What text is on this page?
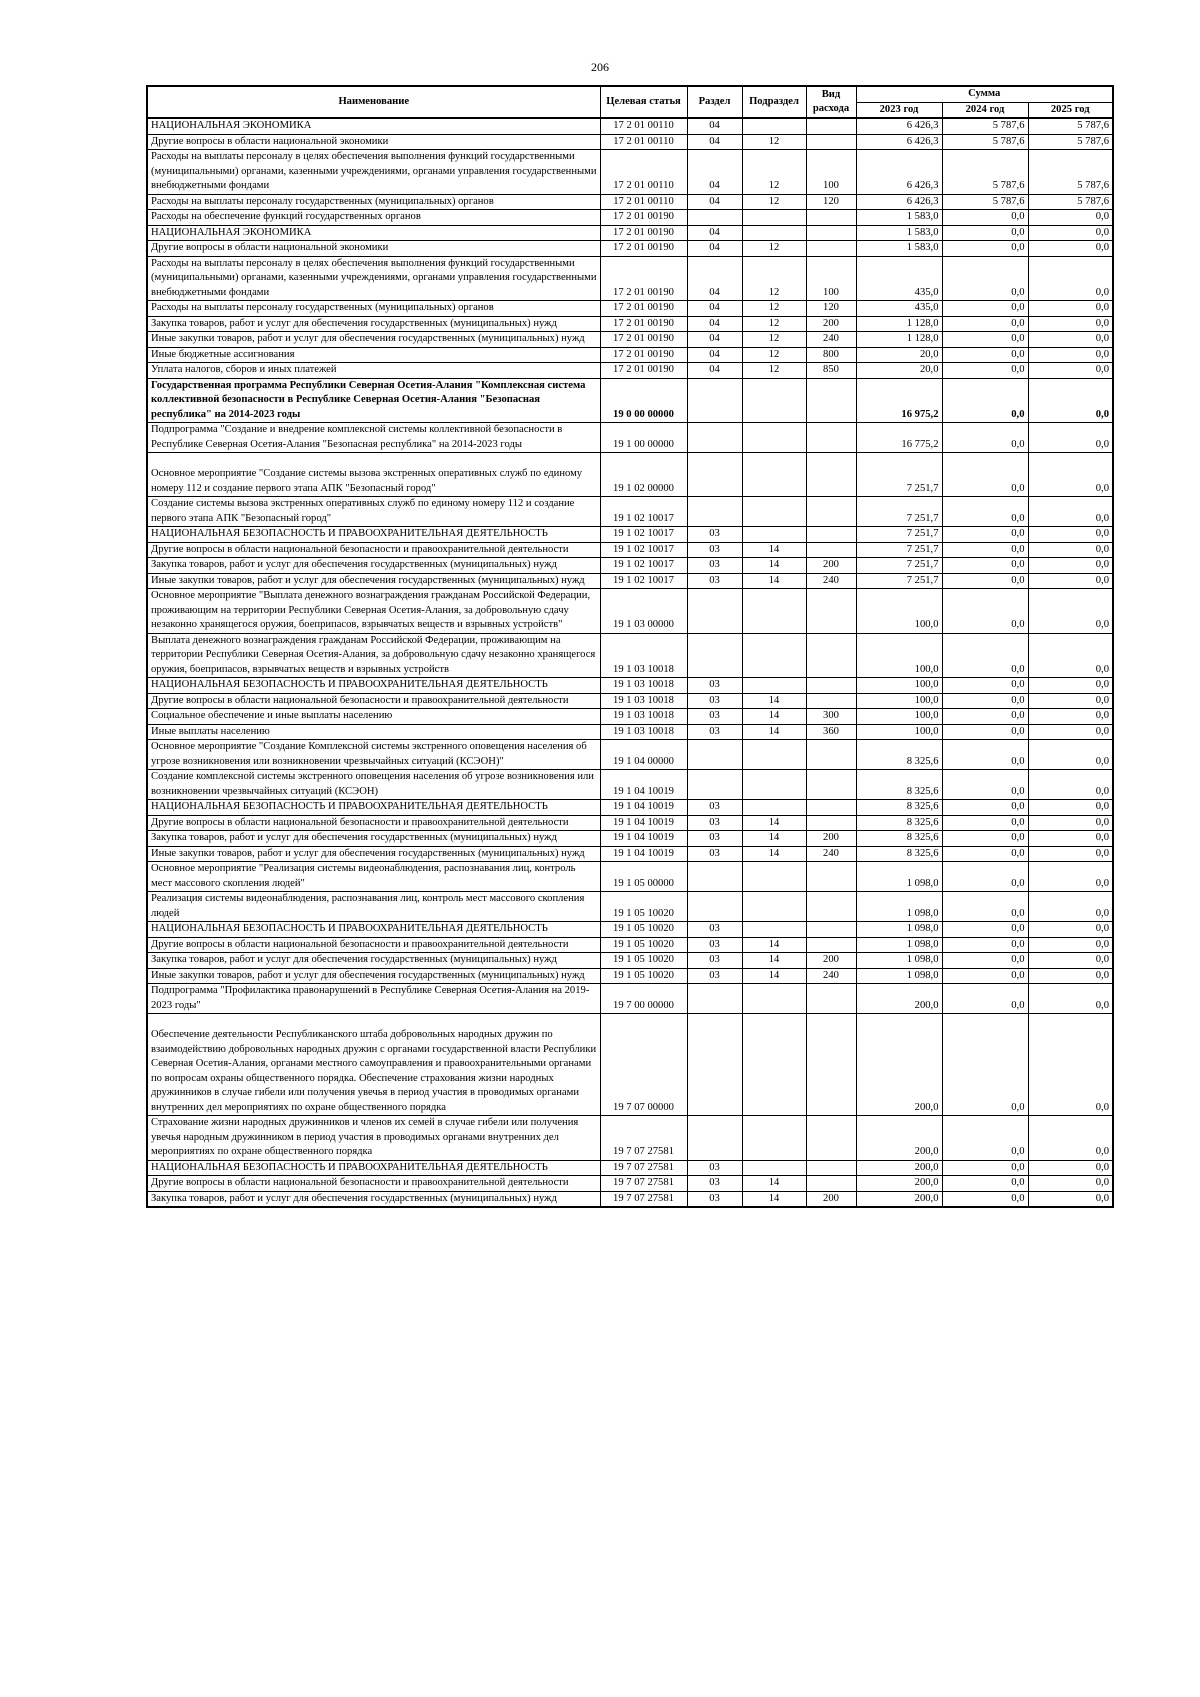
206
Наименование	Целевая статья	Раздел	Подраздел	Вид расхода	Сумма		
					2023 год	2024 год	2025 год
НАЦИОНАЛЬНАЯ ЭКОНОМИКА	17 2 01 00110	04			6 426,3	5 787,6	5 787,6
Другие вопросы в области национальной экономики	17 2 01 00110	04	12		6 426,3	5 787,6	5 787,6
Расходы на выплаты персоналу в целях обеспечения выполнения функций государственными (муниципальными) органами, казенными учреждениями, органами управления государственными внебюджетными фондами	17 2 01 00110	04	12	100	6 426,3	5 787,6	5 787,6
Расходы на выплаты персоналу государственных (муниципальных) органов	17 2 01 00110	04	12	120	6 426,3	5 787,6	5 787,6
Расходы на обеспечение функций государственных органов	17 2 01 00190				1 583,0	0,0	0,0
НАЦИОНАЛЬНАЯ ЭКОНОМИКА	17 2 01 00190	04			1 583,0	0,0	0,0
Другие вопросы в области национальной экономики	17 2 01 00190	04	12		1 583,0	0,0	0,0
Расходы на выплаты персоналу в целях обеспечения выполнения функций государственными (муниципальными) органами, казенными учреждениями, органами управления государственными внебюджетными фондами	17 2 01 00190	04	12	100	435,0	0,0	0,0
Расходы на выплаты персоналу государственных (муниципальных) органов	17 2 01 00190	04	12	120	435,0	0,0	0,0
Закупка товаров, работ и услуг для обеспечения государственных (муниципальных) нужд	17 2 01 00190	04	12	200	1 128,0	0,0	0,0
Иные закупки товаров, работ и услуг для обеспечения государственных (муниципальных) нужд	17 2 01 00190	04	12	240	1 128,0	0,0	0,0
Иные бюджетные ассигнования	17 2 01 00190	04	12	800	20,0	0,0	0,0
Уплата налогов, сборов и иных платежей	17 2 01 00190	04	12	850	20,0	0,0	0,0
Государственная программа Республики Северная Осетия-Алания "Комплексная система коллективной безопасности в Республике Северная Осетия-Алания "Безопасная республика" на 2014-2023 годы	19 0 00 00000				16 975,2	0,0	0,0
Подпрограмма "Создание и внедрение комплексной системы коллективной безопасности в Республике Северная Осетия-Алания "Безопасная республика" на 2014-2023 годы	19 1 00 00000				16 775,2	0,0	0,0
Основное мероприятие "Создание системы вызова экстренных оперативных служб по единому номеру 112 и создание первого этапа АПК "Безопасный город"	19 1 02 00000				7 251,7	0,0	0,0
Создание системы вызова экстренных оперативных служб по единому номеру 112 и создание первого этапа АПК "Безопасный город"	19 1 02 10017				7 251,7	0,0	0,0
НАЦИОНАЛЬНАЯ БЕЗОПАСНОСТЬ И ПРАВООХРАНИТЕЛЬНАЯ ДЕЯТЕЛЬНОСТЬ	19 1 02 10017	03			7 251,7	0,0	0,0
Другие вопросы в области национальной безопасности и правоохранительной деятельности	19 1 02 10017	03	14		7 251,7	0,0	0,0
Закупка товаров, работ и услуг для обеспечения государственных (муниципальных) нужд	19 1 02 10017	03	14	200	7 251,7	0,0	0,0
Иные закупки товаров, работ и услуг для обеспечения государственных (муниципальных) нужд	19 1 02 10017	03	14	240	7 251,7	0,0	0,0
Основное мероприятие "Выплата денежного вознаграждения гражданам Российской Федерации, проживающим на территории Республики Северная Осетия-Алания, за добровольную сдачу незаконно хранящегося оружия, боеприпасов, взрывчатых веществ и взрывных устройств"	19 1 03 00000				100,0	0,0	0,0
Выплата денежного вознаграждения гражданам Российской Федерации, проживающим на территории Республики Северная Осетия-Алания, за добровольную сдачу незаконно хранящегося оружия, боеприпасов, взрывчатых веществ и взрывных устройств	19 1 03 10018				100,0	0,0	0,0
НАЦИОНАЛЬНАЯ БЕЗОПАСНОСТЬ И ПРАВООХРАНИТЕЛЬНАЯ ДЕЯТЕЛЬНОСТЬ	19 1 03 10018	03			100,0	0,0	0,0
Другие вопросы в области национальной безопасности и правоохранительной деятельности	19 1 03 10018	03	14		100,0	0,0	0,0
Социальное обеспечение и иные выплаты населению	19 1 03 10018	03	14	300	100,0	0,0	0,0
Иные выплаты населению	19 1 03 10018	03	14	360	100,0	0,0	0,0
Основное мероприятие "Создание Комплексной системы экстренного оповещения населения об угрозе возникновения или возникновении чрезвычайных ситуаций (КСЭОН)"	19 1 04 00000				8 325,6	0,0	0,0
Создание комплексной системы экстренного оповещения населения об угрозе возникновения или возникновении чрезвычайных ситуаций (КСЭОН)	19 1 04 10019				8 325,6	0,0	0,0
НАЦИОНАЛЬНАЯ БЕЗОПАСНОСТЬ И ПРАВООХРАНИТЕЛЬНАЯ ДЕЯТЕЛЬНОСТЬ	19 1 04 10019	03			8 325,6	0,0	0,0
Другие вопросы в области национальной безопасности и правоохранительной деятельности	19 1 04 10019	03	14		8 325,6	0,0	0,0
Закупка товаров, работ и услуг для обеспечения государственных (муниципальных) нужд	19 1 04 10019	03	14	200	8 325,6	0,0	0,0
Иные закупки товаров, работ и услуг для обеспечения государственных (муниципальных) нужд	19 1 04 10019	03	14	240	8 325,6	0,0	0,0
Основное мероприятие "Реализация системы видеонаблюдения, распознавания лиц, контроль мест массового скопления людей"	19 1 05 00000				1 098,0	0,0	0,0
Реализация системы видеонаблюдения, распознавания лиц, контроль мест массового скопления людей	19 1 05 10020				1 098,0	0,0	0,0
НАЦИОНАЛЬНАЯ БЕЗОПАСНОСТЬ И ПРАВООХРАНИТЕЛЬНАЯ ДЕЯТЕЛЬНОСТЬ	19 1 05 10020	03			1 098,0	0,0	0,0
Другие вопросы в области национальной безопасности и правоохранительной деятельности	19 1 05 10020	03	14		1 098,0	0,0	0,0
Закупка товаров, работ и услуг для обеспечения государственных (муниципальных) нужд	19 1 05 10020	03	14	200	1 098,0	0,0	0,0
Иные закупки товаров, работ и услуг для обеспечения государственных (муниципальных) нужд	19 1 05 10020	03	14	240	1 098,0	0,0	0,0
Подпрограмма "Профилактика правонарушений в Республике Северная Осетия-Алания на 2019-2023 годы"	19 7 00 00000				200,0	0,0	0,0
Обеспечение деятельности Республиканского штаба добровольных народных дружин по взаимодействию добровольных народных дружин с органами государственной власти Республики Северная Осетия-Алания, органами местного самоуправления и правоохранительными органами по вопросам охраны общественного порядка. Обеспечение страхования жизни народных дружинников в случае гибели или получения увечья в период участия в проводимых органами внутренних дел мероприятиях по охране общественного порядка	19 7 07 00000				200,0	0,0	0,0
Страхование жизни народных дружинников и членов их семей в случае гибели или получения увечья народным дружинником в период участия в проводимых органами внутренних дел мероприятиях по охране общественного порядка	19 7 07 27581				200,0	0,0	0,0
НАЦИОНАЛЬНАЯ БЕЗОПАСНОСТЬ И ПРАВООХРАНИТЕЛЬНАЯ ДЕЯТЕЛЬНОСТЬ	19 7 07 27581	03			200,0	0,0	0,0
Другие вопросы в области национальной безопасности и правоохранительной деятельности	19 7 07 27581	03	14		200,0	0,0	0,0
Закупка товаров, работ и услуг для обеспечения государственных (муниципальных) нужд	19 7 07 27581	03	14	200	200,0	0,0	0,0
